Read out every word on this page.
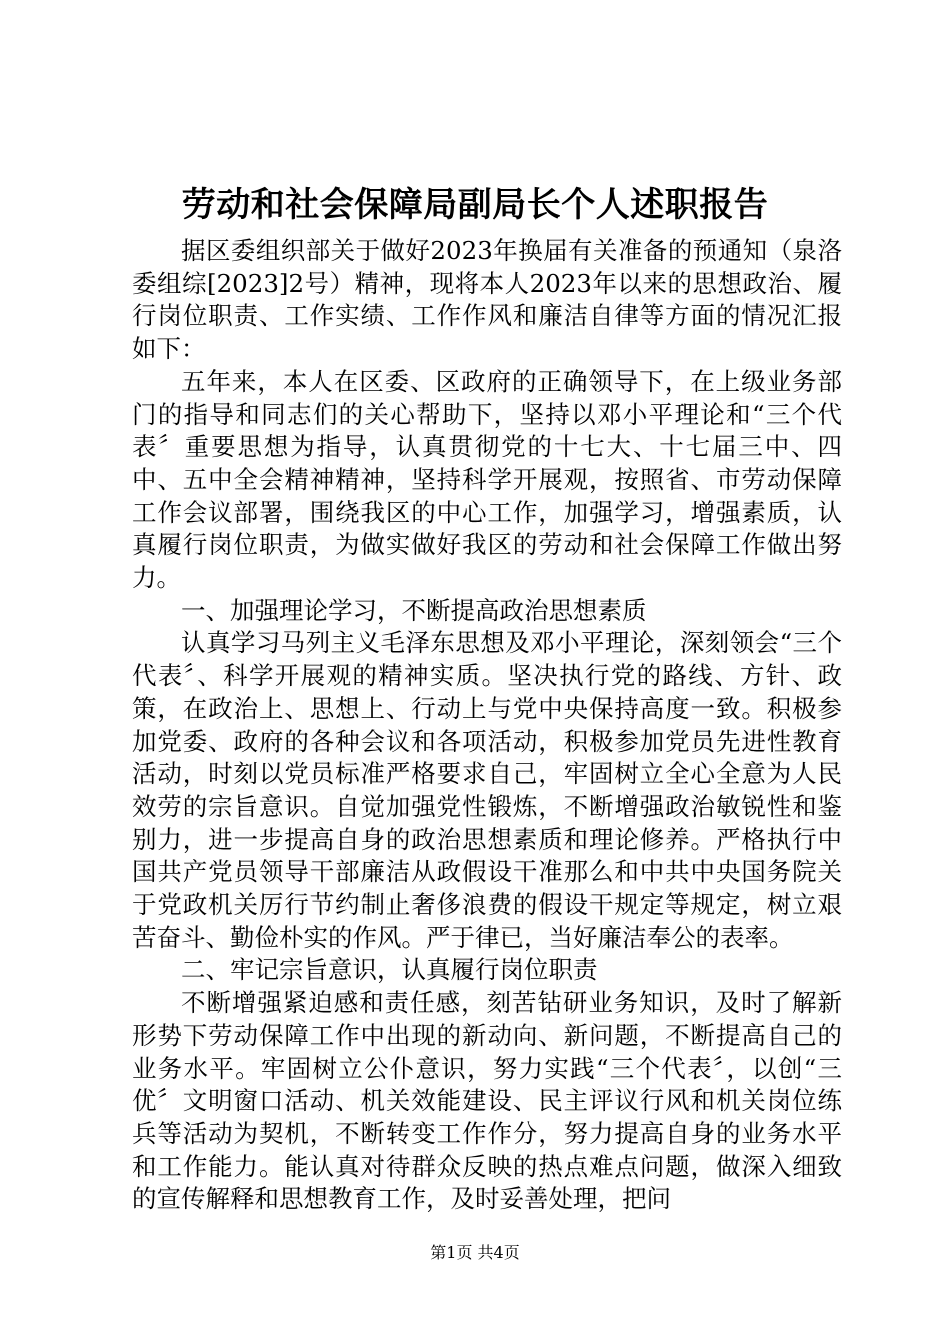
劳动和社会保障局副局长个人述职报告

据区委组织部关于做好2023年换届有关准备的预通知（泉洛委组综[2023]2号）精神，现将本人2023年以来的思想政治、履行岗位职责、工作实绩、工作作风和廉洁自律等方面的情况汇报如下：

五年来，本人在区委、区政府的正确领导下，在上级业务部门的指导和同志们的关心帮助下，坚持以邓小平理论和“三个代表〞重要思想为指导，认真贯彻党的十七大、十七届三中、四中、五中全会精神精神，坚持科学开展观，按照省、市劳动保障工作会议部署，围绕我区的中心工作，加强学习，增强素质，认真履行岗位职责，为做实做好我区的劳动和社会保障工作做出努力。

一、加强理论学习，不断提高政治思想素质

认真学习马列主义毛泽东思想及邓小平理论，深刻领会“三个代表〞、科学开展观的精神实质。坚决执行党的路线、方针、政策，在政治上、思想上、行动上与党中央保持高度一致。积极参加党委、政府的各种会议和各项活动，积极参加党员先进性教育活动，时刻以党员标准严格要求自己，牢固树立全心全意为人民效劳的宗旨意识。自觉加强党性锻炼，不断增强政治敏锐性和鉴别力，进一步提高自身的政治思想素质和理论修养。严格执行中国共产党员领导干部廉洁从政假设干准那么和中共中央国务院关于党政机关厉行节约制止奢侈浪费的假设干规定等规定，树立艰苦奋斗、勤俭朴实的作风。严于律已，当好廉洁奉公的表率。

二、牢记宗旨意识，认真履行岗位职责

不断增强紧迫感和责任感，刻苦钻研业务知识，及时了解新形势下劳动保障工作中出现的新动向、新问题，不断提高自己的业务水平。牢固树立公仆意识，努力实践“三个代表〞，以创“三优〞文明窗口活动、机关效能建设、民主评议行风和机关岗位练兵等活动为契机，不断转变工作作分，努力提高自身的业务水平和工作能力。能认真对待群众反映的热点难点问题，做深入细致的宣传解释和思想教育工作，及时妥善处理，把问

第1页 共4页
